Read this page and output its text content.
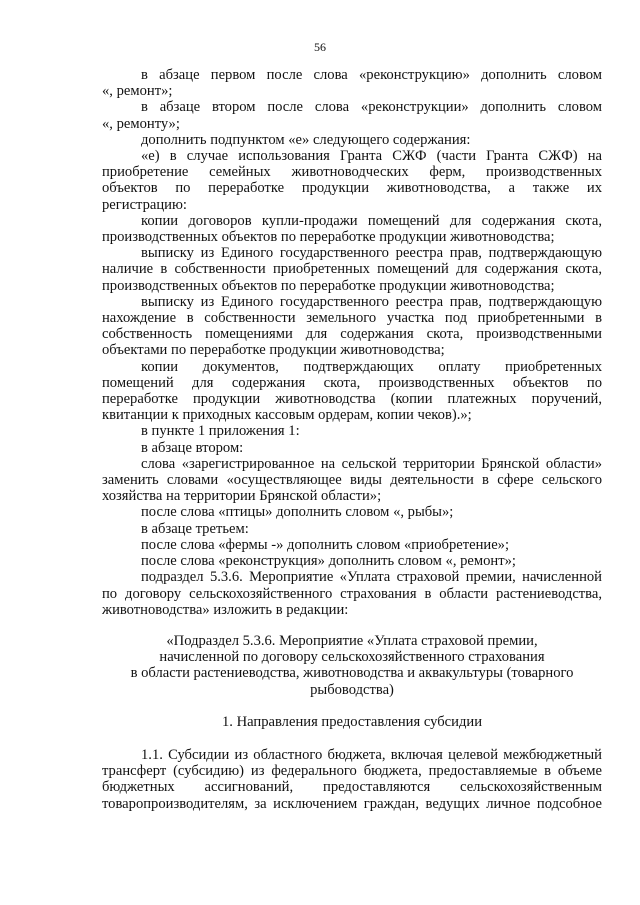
56

в абзаце первом после слова «реконструкцию» дополнить словом

«, ремонт»;

в абзаце втором после слова «реконструкции» дополнить словом

«, ремонту»;

дополнить подпунктом «е» следующего содержания:

«е) в случае использования Гранта СЖФ (части Гранта СЖФ) на

приобретение семейных животноводческих ферм, производственных

объектов по переработке продукции животноводства, а также их

регистрацию:

копии договоров купли-продажи помещений для содержания скота,

производственных объектов по переработке продукции животноводства;

выписку из Единого государственного реестра прав, подтверждающую

наличие в собственности приобретенных помещений для содержания скота,

производственных объектов по переработке продукции животноводства;

выписку из Единого государственного реестра прав, подтверждающую

нахождение в собственности земельного участка под приобретенными в

собственность помещениями для содержания скота, производственными

объектами по переработке продукции животноводства;

копии документов, подтверждающих оплату приобретенных

помещений для содержания скота, производственных объектов по

переработке продукции животноводства (копии платежных поручений,

квитанции к приходных кассовым ордерам, копии чеков).»;

в пункте 1 приложения 1:

в абзаце втором:

слова «зарегистрированное на сельской территории Брянской области»

заменить словами «осуществляющее виды деятельности в сфере сельского

хозяйства на территории Брянской области»;

после слова «птицы» дополнить словом «, рыбы»;

в абзаце третьем:

после слова «фермы -» дополнить словом «приобретение»;

после слова «реконструкция» дополнить словом «, ремонт»;

подраздел 5.3.6. Мероприятие «Уплата страховой премии, начисленной

по договору сельскохозяйственного страхования в области растениеводства,

животноводства» изложить в редакции:

«Подраздел 5.3.6. Мероприятие «Уплата страховой премии,
начисленной по договору сельскохозяйственного страхования
в области растениеводства, животноводства и аквакультуры (товарного
рыбоводства)
1. Направления предоставления субсидии

1.1. Субсидии из областного бюджета, включая целевой межбюджетный

трансферт (субсидию) из федерального бюджета, предоставляемые в объеме

бюджетных ассигнований, предоставляются сельскохозяйственным

товаропроизводителям, за исключением граждан, ведущих личное подсобное
